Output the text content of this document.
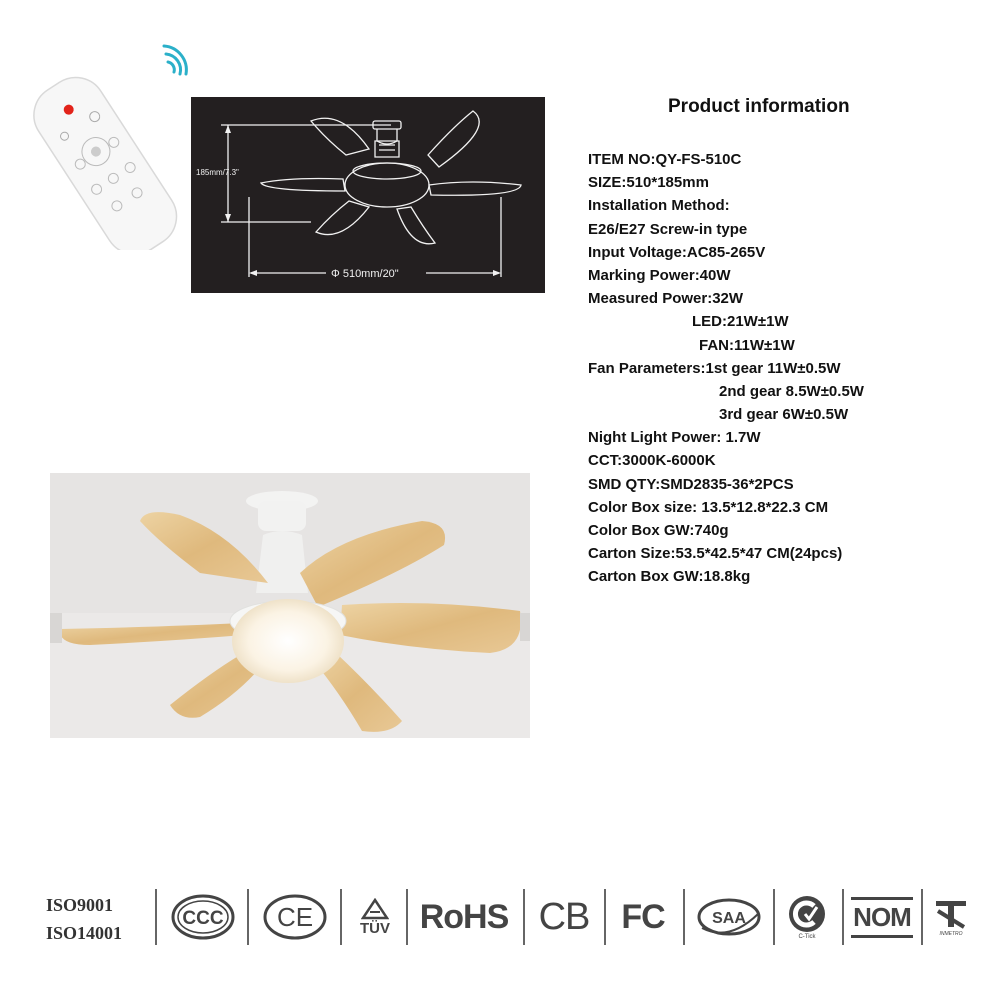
185mm/7.3"
Φ 510mm/20"
Product information
ITEM NO:QY-FS-510C
SIZE:510*185mm
Installation Method:
E26/E27 Screw-in type
Input Voltage:AC85-265V
Marking Power:40W
Measured Power:32W
LED:21W±1W
FAN:11W±1W
Fan Parameters:1st gear 11W±0.5W
2nd gear 8.5W±0.5W
3rd gear 6W±0.5W
Night Light Power: 1.7W
CCT:3000K-6000K
SMD QTY:SMD2835-36*2PCS
Color Box size: 13.5*12.8*22.3 CM
Color Box GW:740g
Carton Size:53.5*42.5*47 CM(24pcs)
Carton Box GW:18.8kg
ISO9001
ISO14001
CCC CE	TÜV RoHS CB FC	SAA
C-Tick
NOM
INMETRO
